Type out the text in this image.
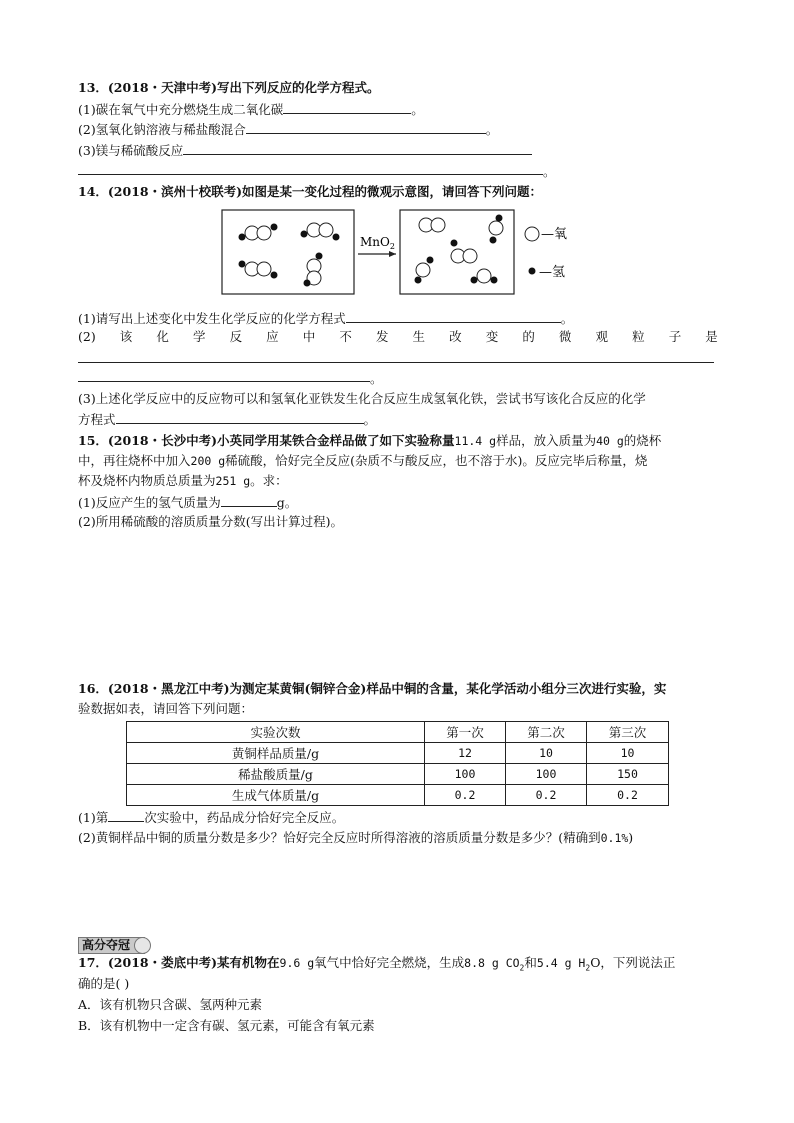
13．(2018・天津中考)写出下列反应的化学方程式。
(1)碳在氧气中充分燃烧生成二氧化碳	。
(2)氢氧化钠溶液与稀盐酸混合	。
(3)镁与稀硫酸反应
。
14．(2018・滨州十校联考)如图是某一变化过程的微观示意图，请回答下列问题：
MnO$_2$
—氧
—氢
(1)请写出上述变化中发生化学反应的化学方程式	。
(2) 该 化 学 反 应 中 不 发 生 改 变 的 微 观 粒 子 是
。
(3)上述化学反应中的反应物可以和氢氧化亚铁发生化合反应生成氢氧化铁，尝试书写该化合反应的化学
方程式	。
15．(2018・长沙中考)小英同学用某铁合金样品做了如下实验称量11.4 g样品，放入质量为40 g的烧杯
中，再往烧杯中加入200 g稀硫酸，恰好完全反应(杂质不与酸反应，也不溶于水)。反应完毕后称量，烧
杯及烧杯内物质总质量为251 g。求：
(1)反应产生的氢气质量为	g。
(2)所用稀硫酸的溶质质量分数(写出计算过程)。
16．(2018・黑龙江中考)为测定某黄铜(铜锌合金)样品中铜的含量，某化学活动小组分三次进行实验，实
验数据如表，请回答下列问题：
实验次数	第一次	第二次	第三次
黄铜样品质量/g	12	10	10
稀盐酸质量/g	100	100	150
生成气体质量/g	0.2	0.2	0.2
(1)第	次实验中，药品成分恰好完全反应。
(2)黄铜样品中铜的质量分数是多少？恰好完全反应时所得溶液的溶质质量分数是多少？(精确到0.1%)
高分夺冠
17．(2018・娄底中考)某有机物在9.6 g氧气中恰好完全燃烧，生成8.8 g $CO_2$和5.4 g $H_2O$，下列说法正
确的是( )
A．该有机物只含碳、氢两种元素
B．该有机物中一定含有碳、氢元素，可能含有氧元素
